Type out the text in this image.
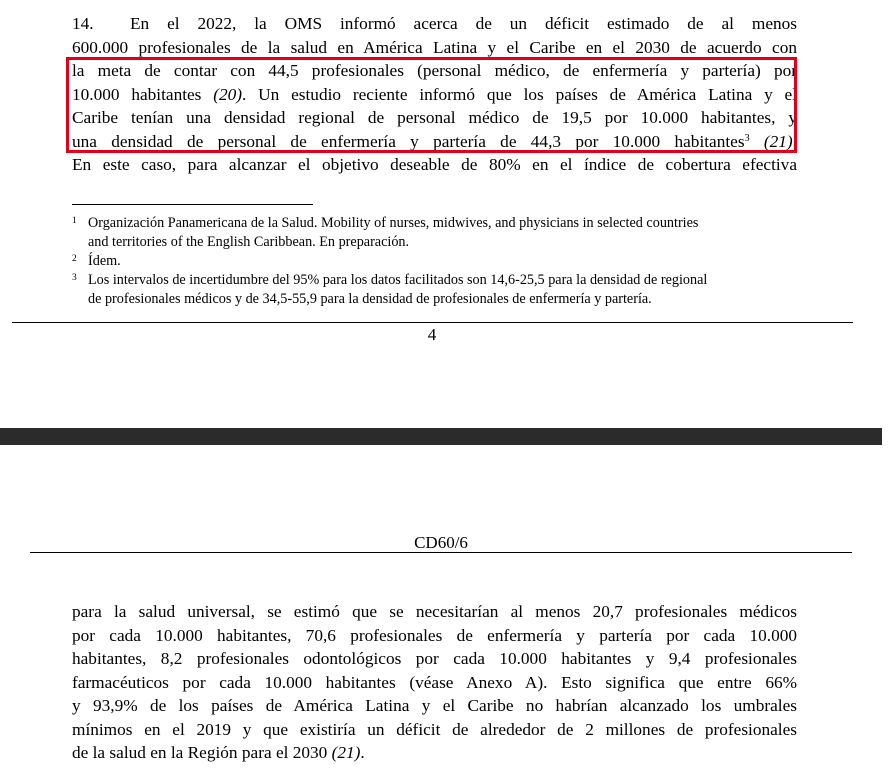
14. En el 2022, la OMS informó acerca de un déficit estimado de al menos
600.000 profesionales de la salud en América Latina y el Caribe en el 2030 de acuerdo con
la meta de contar con 44,5 profesionales (personal médico, de enfermería y partería) por
10.000 habitantes (20). Un estudio reciente informó que los países de América Latina y el
Caribe tenían una densidad regional de personal médico de 19,5 por 10.000 habitantes, y
una densidad de personal de enfermería y partería de 44,3 por 10.000 habitantes$^3$ (21).
En este caso, para alcanzar el objetivo deseable de 80% en el índice de cobertura efectiva
1 Organización Panamericana de la Salud. Mobility of nurses, midwives, and physicians in selected countries
and territories of the English Caribbean. En preparación.
2 Ídem.
3 Los intervalos de incertidumbre del 95% para los datos facilitados son 14,6-25,5 para la densidad de regional
de profesionales médicos y de 34,5-55,9 para la densidad de profesionales de enfermería y partería.
4
CD60/6
para la salud universal, se estimó que se necesitarían al menos 20,7 profesionales médicos
por cada 10.000 habitantes, 70,6 profesionales de enfermería y partería por cada 10.000
habitantes, 8,2 profesionales odontológicos por cada 10.000 habitantes y 9,4 profesionales
farmacéuticos por cada 10.000 habitantes (véase Anexo A). Esto significa que entre 66%
y 93,9% de los países de América Latina y el Caribe no habrían alcanzado los umbrales
mínimos en el 2019 y que existiría un déficit de alrededor de 2 millones de profesionales
de la salud en la Región para el 2030 (21).
